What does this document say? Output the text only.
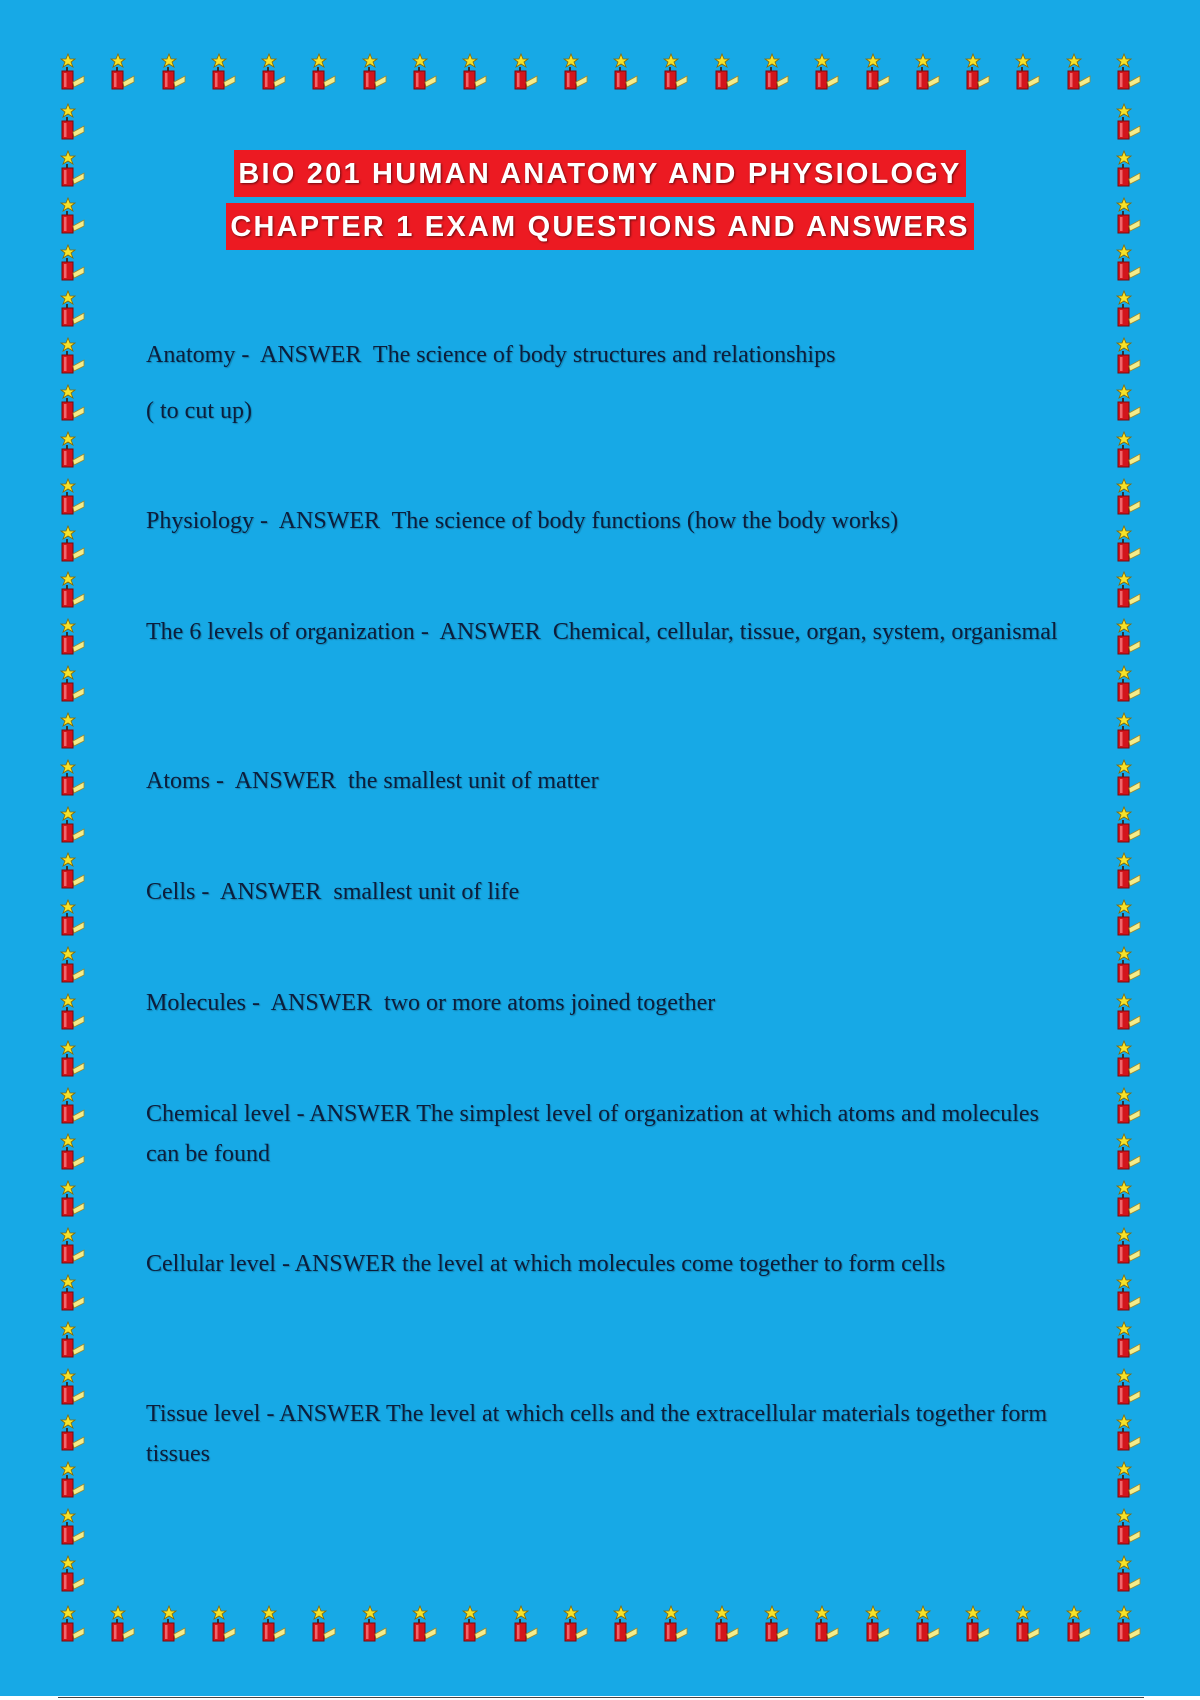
BIO 201 HUMAN ANATOMY AND PHYSIOLOGY
CHAPTER 1 EXAM QUESTIONS AND ANSWERS
Anatomy -  ANSWER  The science of body structures and relationships

( to cut up)
Physiology -  ANSWER  The science of body functions (how the body works)
The 6 levels of organization -  ANSWER  Chemical, cellular, tissue, organ, system, organismal
Atoms -  ANSWER  the smallest unit of matter
Cells -  ANSWER  smallest unit of life
Molecules -  ANSWER  two or more atoms joined together
Chemical level - ANSWER The simplest level of organization at which atoms and molecules can be found
Cellular level - ANSWER the level at which molecules come together to form cells
Tissue level - ANSWER The level at which cells and the extracellular materials together form tissues
